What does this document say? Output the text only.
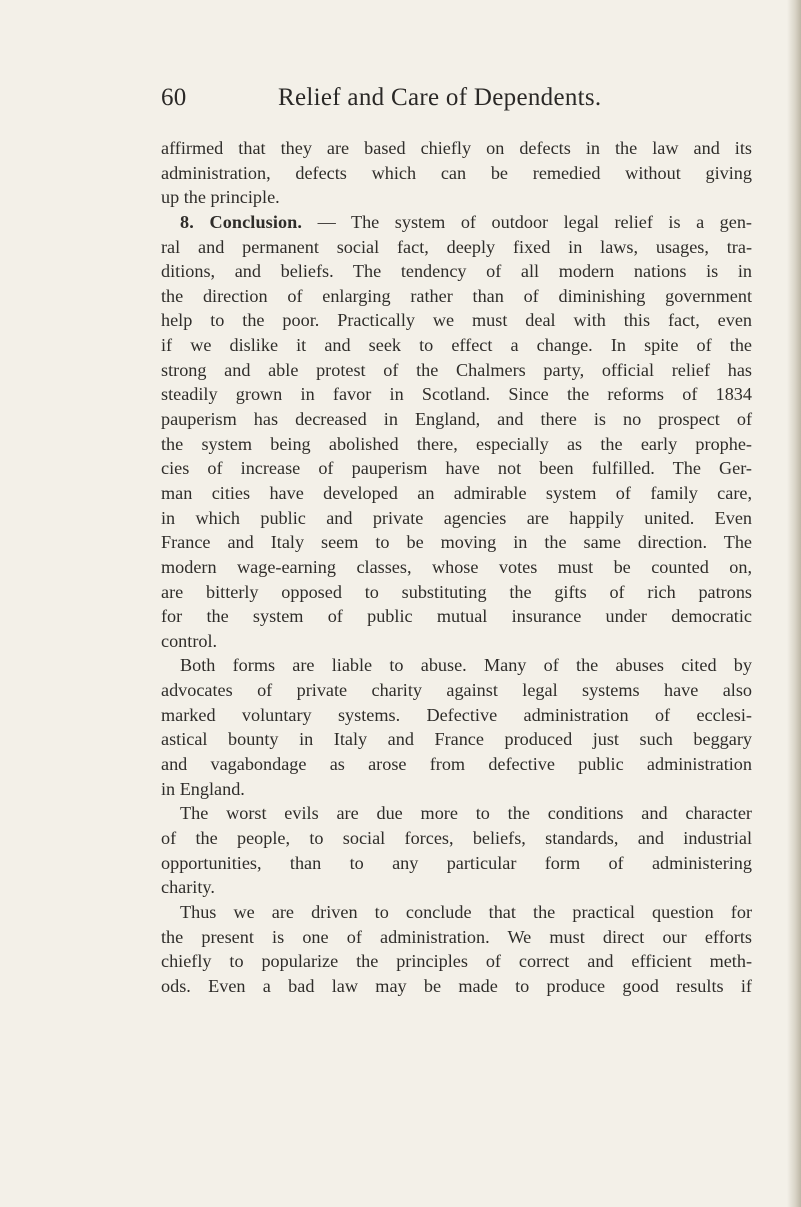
60	Relief and Care of Dependents.
affirmed that they are based chiefly on defects in the law and its
administration, defects which can be remedied without giving
up the principle.
8. Conclusion. — The system of outdoor legal relief is a gen-
ral and permanent social fact, deeply fixed in laws, usages, tra-
ditions, and beliefs. The tendency of all modern nations is in
the direction of enlarging rather than of diminishing government
help to the poor. Practically we must deal with this fact, even
if we dislike it and seek to effect a change. In spite of the
strong and able protest of the Chalmers party, official relief has
steadily grown in favor in Scotland. Since the reforms of 1834
pauperism has decreased in England, and there is no prospect of
the system being abolished there, especially as the early prophe-
cies of increase of pauperism have not been fulfilled. The Ger-
man cities have developed an admirable system of family care,
in which public and private agencies are happily united. Even
France and Italy seem to be moving in the same direction. The
modern wage-earning classes, whose votes must be counted on,
are bitterly opposed to substituting the gifts of rich patrons
for the system of public mutual insurance under democratic
control.
Both forms are liable to abuse. Many of the abuses cited by
advocates of private charity against legal systems have also
marked voluntary systems. Defective administration of ecclesi-
astical bounty in Italy and France produced just such beggary
and vagabondage as arose from defective public administration
in England.
The worst evils are due more to the conditions and character
of the people, to social forces, beliefs, standards, and industrial
opportunities, than to any particular form of administering
charity.
Thus we are driven to conclude that the practical question for
the present is one of administration. We must direct our efforts
chiefly to popularize the principles of correct and efficient meth-
ods. Even a bad law may be made to produce good results if
